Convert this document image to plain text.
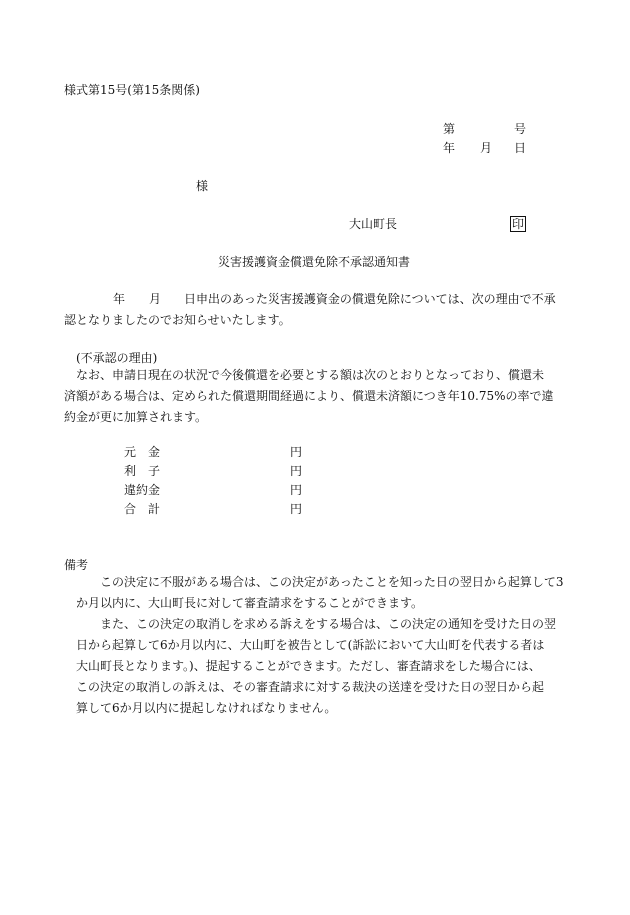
様式第15号(第15条関係)
第	号
年 月 日
様
大山町長	印
災害援護資金償還免除不承認通知書
年 月 日申出のあった災害援護資金の償還免除については、次の理由で不承
認となりましたのでお知らせいたします。
(不承認の理由)
なお、申請日現在の状況で今後償還を必要とする額は次のとおりとなっており、償還未
済額がある場合は、定められた償還期間経過により、償還未済額につき年10.75%の率で違
約金が更に加算されます。
元　金	円
利　子	円
違約金	円
合　計	円
備考
この決定に不服がある場合は、この決定があったことを知った日の翌日から起算して3
か月以内に、大山町長に対して審査請求をすることができます。
また、この決定の取消しを求める訴えをする場合は、この決定の通知を受けた日の翌
日から起算して6か月以内に、大山町を被告として(訴訟において大山町を代表する者は
大山町長となります。)、提起することができます。ただし、審査請求をした場合には、
この決定の取消しの訴えは、その審査請求に対する裁決の送達を受けた日の翌日から起
算して6か月以内に提起しなければなりません。
